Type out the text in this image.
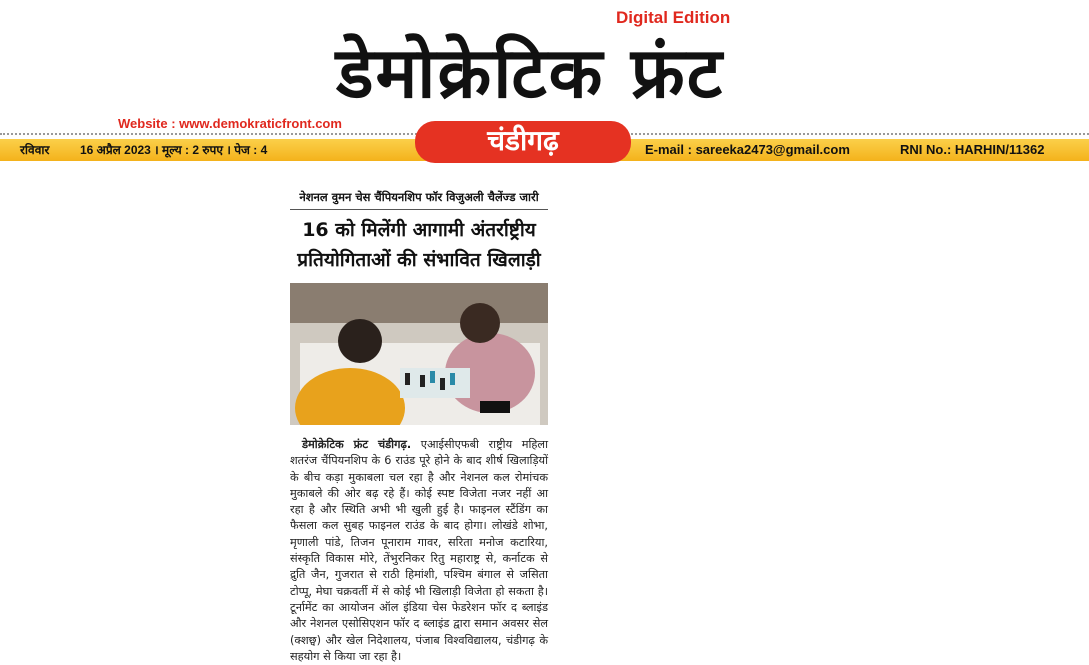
डेमोक्रेटिक फ्रंट
Digital Edition
Website : www.demokraticfront.com
रविवार	16 अप्रैल 2023 । मूल्य : 2 रुपए । पेज : 4	E-mail : sareeka2473@gmail.com	RNI No.: HARHIN/11362
चंडीगढ़
नेशनल वुमन चेस चैंपियनशिप फॉर विजुअली चैलेंज्ड जारी
16 को मिलेंगी आगामी अंतर्राष्ट्रीय
प्रतियोगिताओं की संभावित खिलाड़ी

डेमोक्रेटिक फ्रंट चंडीगढ़. एआईसीएफबी राष्ट्रीय महिला शतरंज चैंपियनशिप के 6 राउंड पूरे होने के बाद शीर्ष खिलाड़ियों के बीच कड़ा मुकाबला चल रहा है और नेशनल कल रोमांचक मुकाबले की ओर बढ़ रहे हैं। कोई स्पष्ट विजेता नजर नहीं आ रहा है और स्थिति अभी भी खुली हुई है। फाइनल स्टैंडिंग का फैसला कल सुबह फाइनल राउंड के बाद होगा। लोखंडे शोभा, मृणाली पांडे, तिजन पूनाराम गावर, सरिता मनोज कटारिया, संस्कृति विकास मोरे, तेंभुरनिकर रितु महाराष्ट्र से, कर्नाटक से द्रुति जैन, गुजरात से राठी हिमांशी, पश्चिम बंगाल से जसिता टोप्पू, मेघा चक्रवर्ती में से कोई भी खिलाड़ी विजेता हो सकता है। टूर्नामेंट का आयोजन ऑल इंडिया चेस फेडरेशन फॉर द ब्लाइंड और नेशनल एसोसिएशन फॉर द ब्लाइंड द्वारा समान अवसर सेल (क्शछ्व) और खेल निदेशालय, पंजाब विश्वविद्यालय, चंडीगढ़ के सहयोग से किया जा रहा है।
